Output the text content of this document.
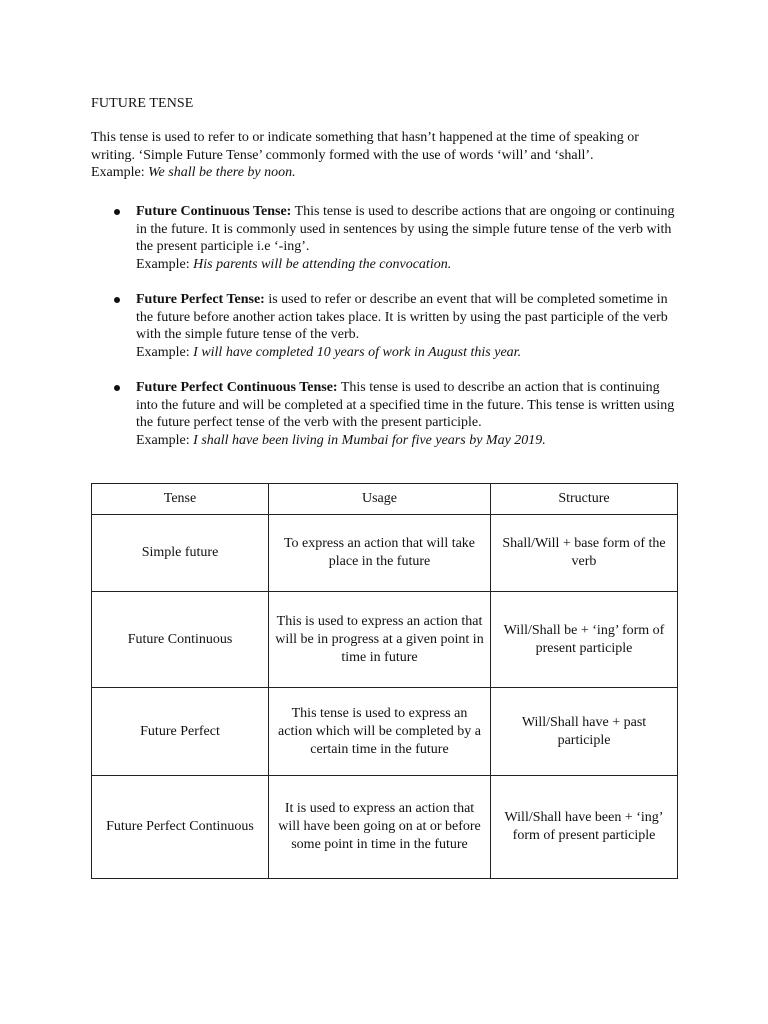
FUTURE TENSE
This tense is used to refer to or indicate something that hasn’t happened at the time of speaking or writing. ‘Simple Future Tense’ commonly formed with the use of words ‘will’ and ‘shall’.
Example: We shall be there by noon.
Future Continuous Tense: This tense is used to describe actions that are ongoing or continuing in the future. It is commonly used in sentences by using the simple future tense of the verb with the present participle i.e ‘-ing’.
Example: His parents will be attending the convocation.
Future Perfect Tense: is used to refer or describe an event that will be completed sometime in the future before another action takes place. It is written by using the past participle of the verb with the simple future tense of the verb.
Example: I will have completed 10 years of work in August this year.
Future Perfect Continuous Tense: This tense is used to describe an action that is continuing into the future and will be completed at a specified time in the future. This tense is written using the future perfect tense of the verb with the present participle.
Example: I shall have been living in Mumbai for five years by May 2019.
Tense	Usage	Structure
Simple future	To express an action that will take place in the future	Shall/Will + base form of the verb
Future Continuous	This is used to express an action that will be in progress at a given point in time in future	Will/Shall be + ‘ing’ form of present participle
Future Perfect	This tense is used to express an action which will be completed by a certain time in the future	Will/Shall have + past participle
Future Perfect Continuous	It is used to express an action that will have been going on at or before some point in time in the future	Will/Shall have been + ‘ing’ form of present participle
